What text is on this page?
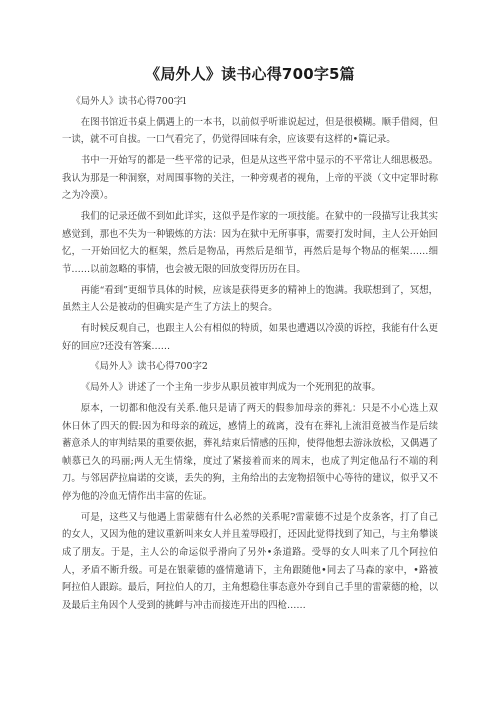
《局外人》读书心得700字5篇

《局外人》读书心得700字l

在图书馆近书桌上偶遇上的一本书，以前似乎听谁说起过，但是很模糊。顺手借阅，但一读，就不可自拔。一口气看完了，仍觉得回味有余，应该要有这样的•篇记录。

书中一开始写的都是一些平常的记录，但是从这些平常中显示的不平常让人细思极恐。我认为那是一种洞察，对周围事物的关注，一种旁观者的视角，上帝的平淡（文中定罪时称之为冷漠）。

我们的记录还做不到如此详实，这似乎是作家的一项技能。在狱中的一段描写让我其实感觉到，那也不失为一种锻炼的方法：因为在狱中无所事事，需要打发时间，主人公开始回忆，一开始回忆大的框架，然后是物品，再然后是细节，再然后是每个物品的框架……细节……以前忽略的事情，也会被无限的回放变得历历在目。

再能“看到”更细节具体的时候，应该是获得更多的精神上的饱满。我联想到了，冥想，虽然主人公是被动的但确实是产生了方法上的契合。

有时候反观自己，也跟主人公有相似的特质，如果也遭遇以冷漠的诉控，我能有什么更好的回应?还没有答案……

《局外人》读书心得700字2

《局外人》讲述了一个主角一步步从职员被审判成为一个死刑犯的故事。

原本，一切都和他没有关系.他只是请了两天的假参加母亲的葬礼：只是不小心选上双休日休了四天的假:因为和母亲的疏远，感情上的疏离，没有在葬礼上流泪竟被当作是后续蓄意杀人的审判结果的重要依据，葬礼结束后情感的压抑，使得他想去游泳放松，又偶遇了帧慕已久的玛丽;两人无生情缘，度过了紧接着而来的周末，也成了判定他品行不端的利刀。与邻居萨拉扁诺的交谈，丢失的狗，主角给出的去宠物招领中心等待的建议，似乎又不停为他的冷血无情作出丰富的佐证。

可是，这些又与他遇上雷蒙德有什么必然的关系呢?雷蒙德不过是个皮条客，打了自己的女人，又因为他的建议重新叫来女人并且羞辱殴打，还因此觉得找到了知己，与主角攀谈成了朋友。于是，主人公的命运似乎滑向了另外•条道路。受辱的女人叫来了几个阿拉伯人，矛盾不断升级。可是在银蒙德的盛情邀请下，主角跟随他•同去了马森的家中，•路被阿拉伯人跟踪。最后，阿拉伯人的刀，主角想稳住事态意外夺到自己手里的雷蒙德的枪，以及最后主角因个人受到的挑衅与冲击而接连开出的四枪……
